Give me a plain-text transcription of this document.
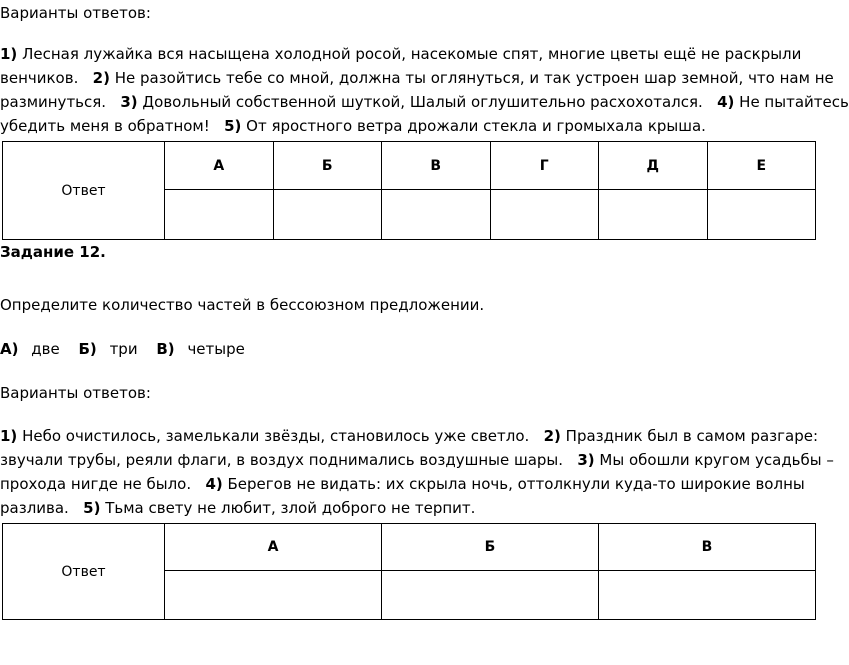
Варианты ответов:
1) Лесная лужайка вся насыщена холодной росой, насекомые спят, многие цветы ещё не раскрыли
венчиков.   2) Не разойтись тебе со мной, должна ты оглянуться, и так устроен шар земной, что нам не
разминуться.   3) Довольный собственной шуткой, Шалый оглушительно расхохотался.   4) Не пытайтесь
убедить меня в обратном!   5) От яростного ветра дрожали стекла и громыхала крыша.
Ответ	А	Б	В	Г	Д	Е

Задание 12.
Определите количество частей в бессоюзном предложении.
А) две Б) три В) четыре
Варианты ответов:
1) Небо очистилось, замелькали звёзды, становилось уже светло.   2) Праздник был в самом разгаре:
звучали трубы, реяли флаги, в воздух поднимались воздушные шары.   3) Мы обошли кругом усадьбы –
прохода нигде не было.   4) Берегов не видать: их скрыла ночь, оттолкнули куда-то широкие волны
разлива.   5) Тьма свету не любит, злой доброго не терпит.
Ответ	А	Б	В
